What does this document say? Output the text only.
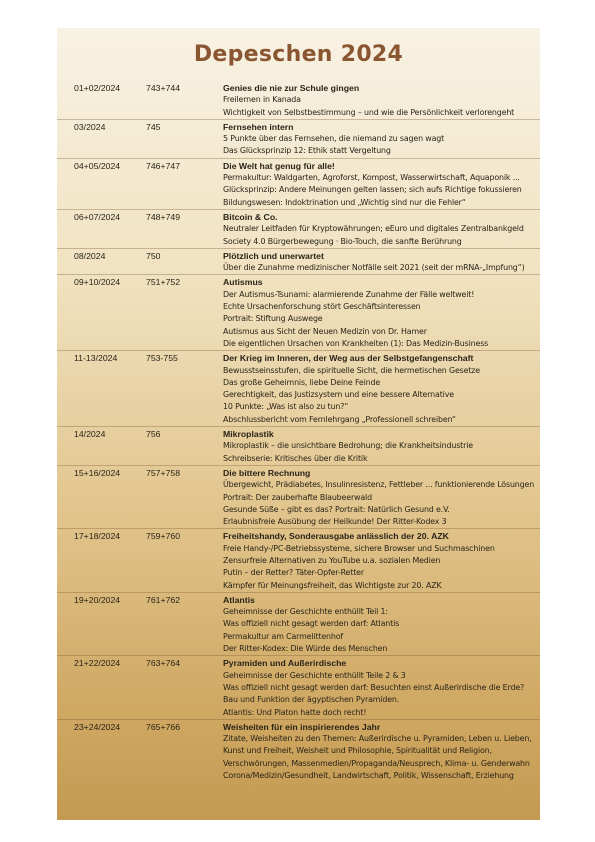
Depeschen 2024
01+02/2024	743+744	Genies die nie zur Schule gingen
Freilernen in Kanada
Wichtigkeit von Selbstbestimmung – und wie die Persönlichkeit verlorengeht
03/2024	745	Fernsehen intern
5 Punkte über das Fernsehen, die niemand zu sagen wagt
Das Glücksprinzip 12: Ethik statt Vergeltung
04+05/2024	746+747	Die Welt hat genug für alle!
Permakultur: Waldgarten, Agroforst, Kompost, Wasserwirtschaft, Aquaponik ...
Glücksprinzip: Andere Meinungen gelten lassen; sich aufs Richtige fokussieren
Bildungswesen: Indoktrination und „Wichtig sind nur die Fehler“
06+07/2024	748+749	Bitcoin & Co.
Neutraler Leitfaden für Kryptowährungen; eEuro und digitales Zentralbankgeld
Society 4.0 Bürgerbewegung · Bio-Touch, die sanfte Berührung
08/2024	750	Plötzlich und unerwartet
Über die Zunahme medizinischer Notfälle seit 2021 (seit der mRNA-„Impfung“)
09+10/2024	751+752	Autismus
Der Autismus-Tsunami: alarmierende Zunahme der Fälle weltweit!
Echte Ursachenforschung stört Geschäftsinteressen
Portrait: Stiftung Auswege
Autismus aus Sicht der Neuen Medizin von Dr. Hamer
Die eigentlichen Ursachen von Krankheiten (1): Das Medizin-Business
11-13/2024	753-755	Der Krieg im Inneren, der Weg aus der Selbstgefangenschaft
Bewusstseinsstufen, die spirituelle Sicht, die hermetischen Gesetze
Das große Geheimnis, liebe Deine Feinde
Gerechtigkeit, das Justizsystem und eine bessere Alternative
10 Punkte: „Was ist also zu tun?“
Abschlussbericht vom Fernlehrgang „Professionell schreiben“
14/2024	756	Mikroplastik
Mikroplastik – die unsichtbare Bedrohung; die Krankheitsindustrie
Schreibserie: Kritisches über die Kritik
15+16/2024	757+758	Die bittere Rechnung
Übergewicht, Prädiabetes, Insulinresistenz, Fettleber ... funktionierende Lösungen
Portrait: Der zauberhafte Blaubeerwald
Gesunde Süße – gibt es das? Portrait: Natürlich Gesund e.V.
Erlaubnisfreie Ausübung der Heilkunde! Der Ritter-Kodex 3
17+18/2024	759+760	Freiheitshandy, Sonderausgabe anlässlich der 20. AZK
Freie Handy-/PC-Betriebssysteme, sichere Browser und Suchmaschinen
Zensurfreie Alternativen zu YouTube u.a. sozialen Medien
Putin – der Retter? Täter-Opfer-Retter
Kämpfer für Meinungsfreiheit, das Wichtigste zur 20. AZK
19+20/2024	761+762	Atlantis
Geheimnisse der Geschichte enthüllt Teil 1:
Was offiziell nicht gesagt werden darf: Atlantis
Permakultur am Carmelittenhof
Der Ritter-Kodex: Die Würde des Menschen
21+22/2024	763+764	Pyramiden und Außerirdische
Geheimnisse der Geschichte enthüllt Teile 2 & 3
Was offiziell nicht gesagt werden darf: Besuchten einst Außerirdische die Erde?
Bau und Funktion der ägyptischen Pyramiden.
Atlantis: Und Platon hatte doch recht!
23+24/2024	765+766	Weisheiten für ein inspirierendes Jahr
Zitate, Weisheiten zu den Themen: Außerirdische u. Pyramiden, Leben u. Lieben,
Kunst und Freiheit, Weisheit und Philosophie, Spiritualität und Religion,
Verschwörungen, Massenmedien/Propaganda/Neusprech, Klima- u. Genderwahn
Corona/Medizin/Gesundheit, Landwirtschaft, Politik, Wissenschaft, Erziehung
